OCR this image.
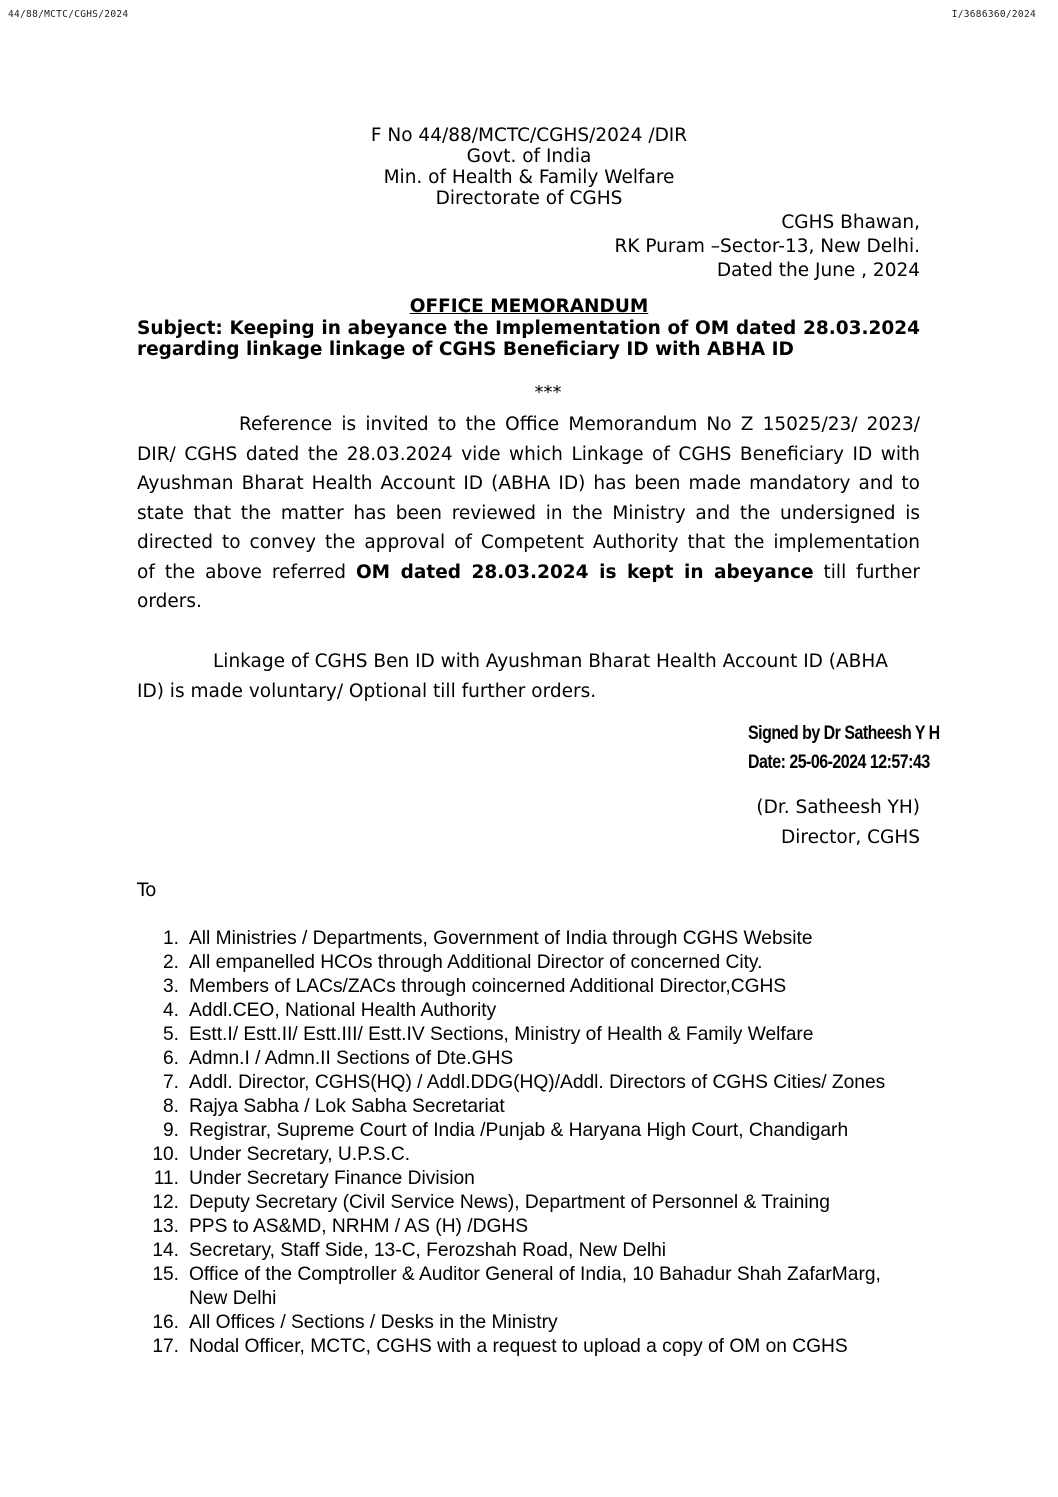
44/88/MCTC/CGHS/2024	I/3686360/2024
F No 44/88/MCTC/CGHS/2024 /DIR
Govt. of India
Min. of Health & Family Welfare
Directorate of CGHS
CGHS Bhawan,
RK Puram –Sector-13, New Delhi.
Dated the June , 2024
OFFICE MEMORANDUM
Subject: Keeping in abeyance the Implementation of OM dated 28.03.2024 regarding linkage linkage of CGHS Beneficiary ID with ABHA ID
***
Reference is invited to the Office Memorandum No Z 15025/23/ 2023/ DIR/ CGHS dated the 28.03.2024 vide which Linkage of CGHS Beneficiary ID with Ayushman Bharat Health Account ID (ABHA ID) has been made mandatory and to state that the matter has been reviewed in the Ministry and the undersigned is directed to convey the approval of Competent Authority that the implementation of the above referred OM dated 28.03.2024 is kept in abeyance till further orders.
Linkage of CGHS Ben ID with Ayushman Bharat Health Account ID (ABHA ID) is made voluntary/ Optional till further orders.
Signed by Dr Satheesh Y H
Date: 25-06-2024 12:57:43
(Dr. Satheesh YH)
Director, CGHS
To
1. All Ministries / Departments, Government of India through CGHS Website
2. All empanelled HCOs through Additional Director of concerned City.
3. Members of LACs/ZACs through coincerned Additional Director,CGHS
4. Addl.CEO, National Health Authority
5. Estt.I/ Estt.II/ Estt.III/ Estt.IV Sections, Ministry of Health & Family Welfare
6. Admn.I / Admn.II Sections of Dte.GHS
7. Addl. Director, CGHS(HQ) / Addl.DDG(HQ)/Addl. Directors of CGHS Cities/ Zones
8. Rajya Sabha / Lok Sabha Secretariat
9. Registrar, Supreme Court of India /Punjab & Haryana High Court, Chandigarh
10. Under Secretary, U.P.S.C.
11. Under Secretary Finance Division
12. Deputy Secretary (Civil Service News), Department of Personnel & Training
13. PPS to AS&MD, NRHM / AS (H) /DGHS
14. Secretary, Staff Side, 13-C, Ferozshah Road, New Delhi
15. Office of the Comptroller & Auditor General of India, 10 Bahadur Shah ZafarMarg, New Delhi
16. All Offices / Sections / Desks in the Ministry
17. Nodal Officer, MCTC, CGHS with a request to upload a copy of OM on CGHS
